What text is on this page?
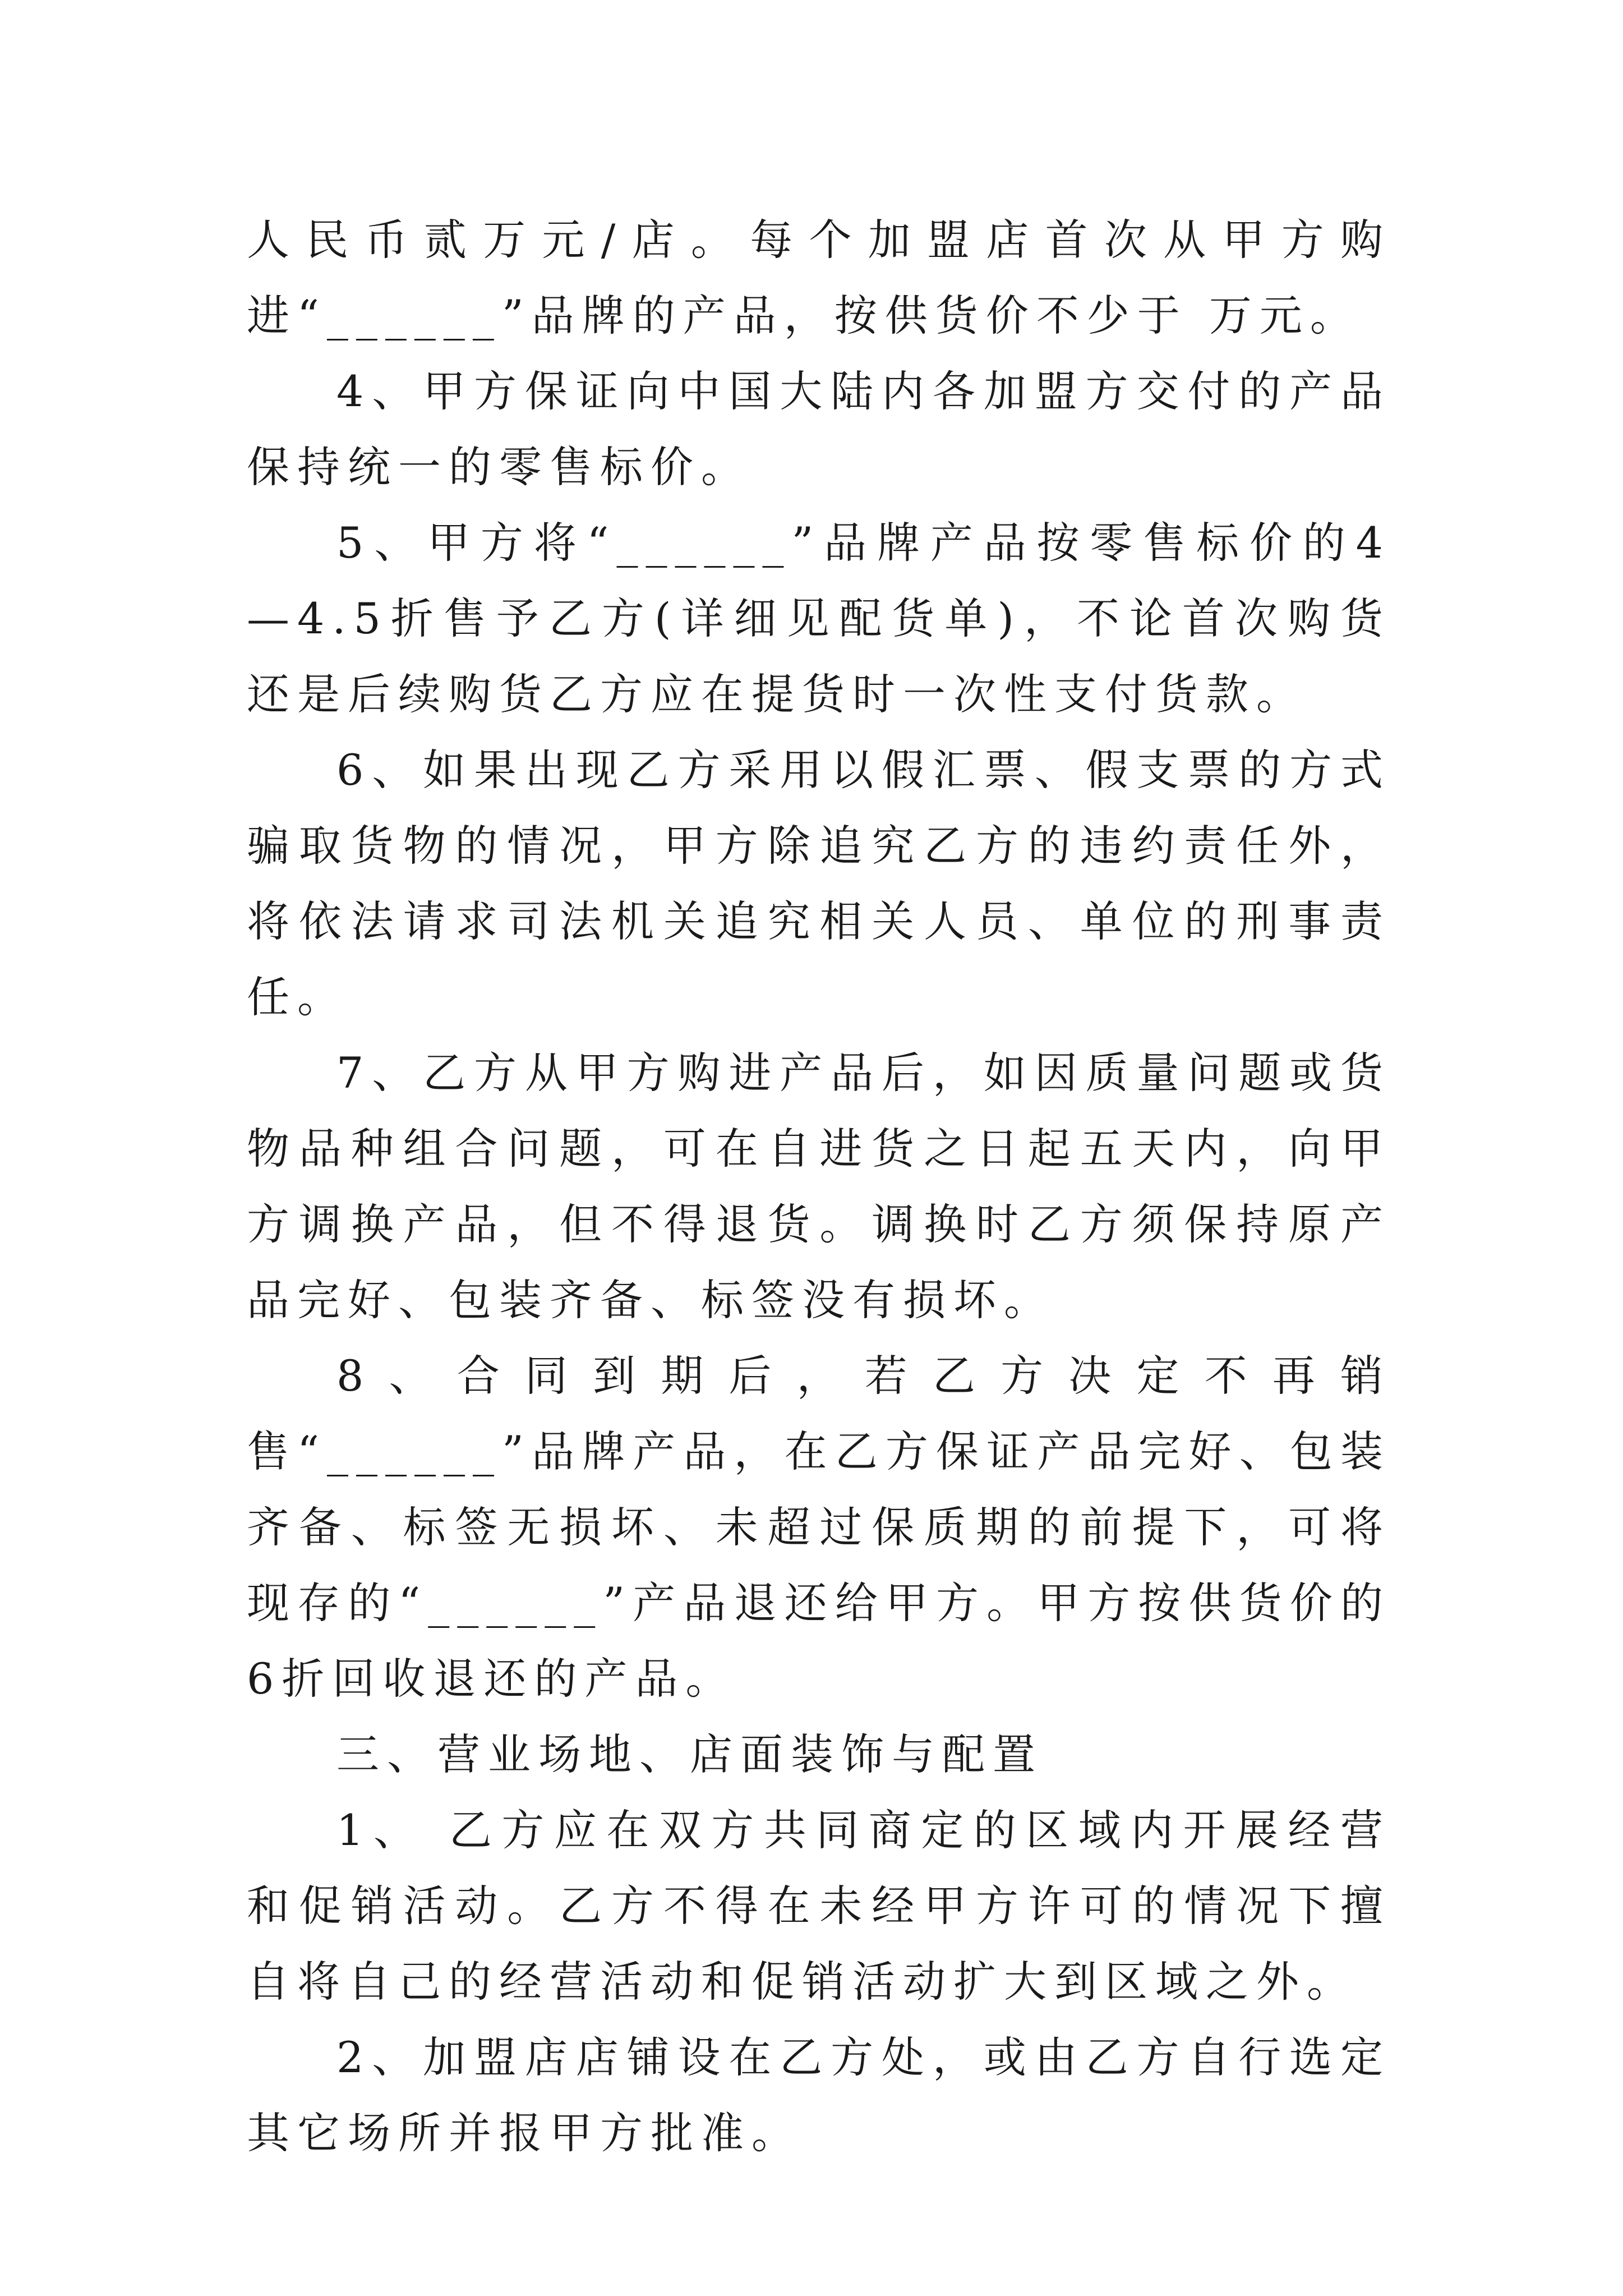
人民币贰万元/店。每个加盟店首次从甲方购进“______”品牌的产品，按供货价不少于 万元。

4、甲方保证向中国大陆内各加盟方交付的产品保持统一的零售标价。

5、甲方将“______”品牌产品按零售标价的4—4.5折售予乙方(详细见配货单)，不论首次购货还是后续购货乙方应在提货时一次性支付货款。

6、如果出现乙方采用以假汇票、假支票的方式骗取货物的情况，甲方除追究乙方的违约责任外，将依法请求司法机关追究相关人员、单位的刑事责任。

7、乙方从甲方购进产品后，如因质量问题或货物品种组合问题，可在自进货之日起五天内，向甲方调换产品，但不得退货。调换时乙方须保持原产品完好、包装齐备、标签没有损坏。

8、合同到期后，若乙方决定不再销售“______”品牌产品，在乙方保证产品完好、包装齐备、标签无损坏、未超过保质期的前提下，可将现存的“______”产品退还给甲方。甲方按供货价的6折回收退还的产品。

三、营业场地、店面装饰与配置

1、 乙方应在双方共同商定的区域内开展经营和促销活动。乙方不得在未经甲方许可的情况下擅自将自己的经营活动和促销活动扩大到区域之外。

2、加盟店店铺设在乙方处，或由乙方自行选定其它场所并报甲方批准。
